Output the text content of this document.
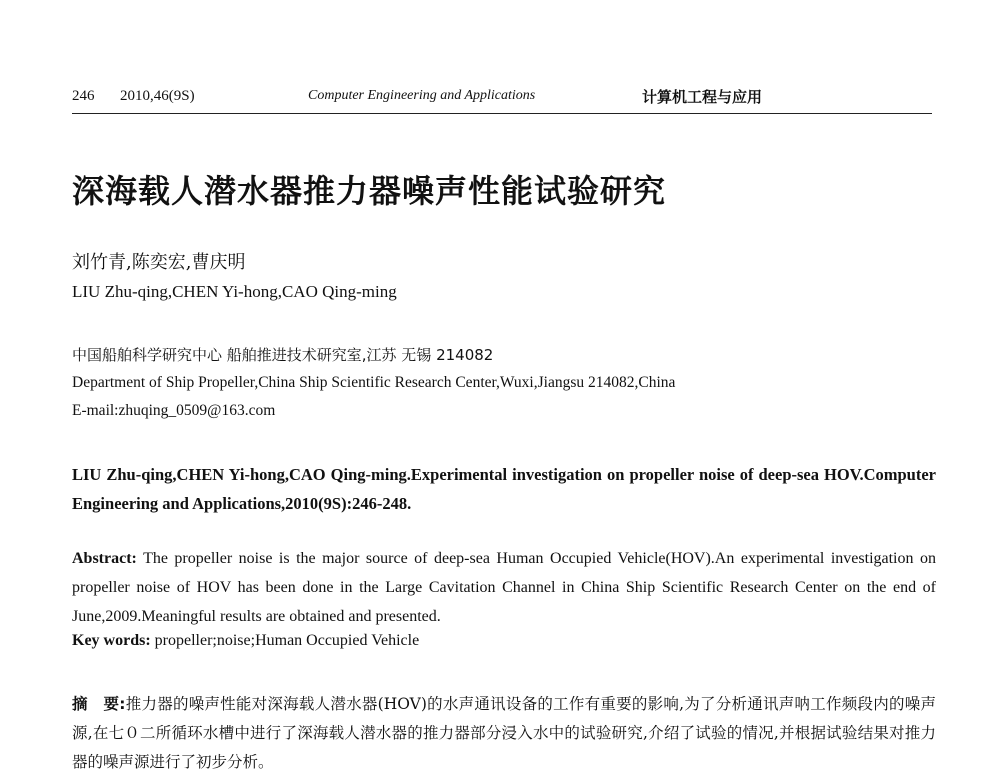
246 2010,46(9S)	Computer Engineering and Applications	计算机工程与应用
深海载人潜水器推力器噪声性能试验研究
刘竹青,陈奕宏,曹庆明
LIU Zhu-qing,CHEN Yi-hong,CAO Qing-ming
中国船舶科学研究中心 船舶推进技术研究室,江苏 无锡 214082
Department of Ship Propeller,China Ship Scientific Research Center,Wuxi,Jiangsu 214082,China
E-mail:zhuqing_0509@163.com
LIU Zhu-qing,CHEN Yi-hong,CAO Qing-ming.Experimental investigation on propeller noise of deep-sea HOV.Computer Engineering and Applications,2010(9S):246-248.
Abstract: The propeller noise is the major source of deep-sea Human Occupied Vehicle(HOV).An experimental investigation on propeller noise of HOV has been done in the Large Cavitation Channel in China Ship Scientific Research Center on the end of June,2009.Meaningful results are obtained and presented.
Key words: propeller;noise;Human Occupied Vehicle
摘　要:推力器的噪声性能对深海载人潜水器(HOV)的水声通讯设备的工作有重要的影响,为了分析通讯声呐工作频段内的噪声源,在七０二所循环水槽中进行了深海载人潜水器的推力器部分浸入水中的试验研究,介绍了试验的情况,并根据试验结果对推力器的噪声源进行了初步分析。
